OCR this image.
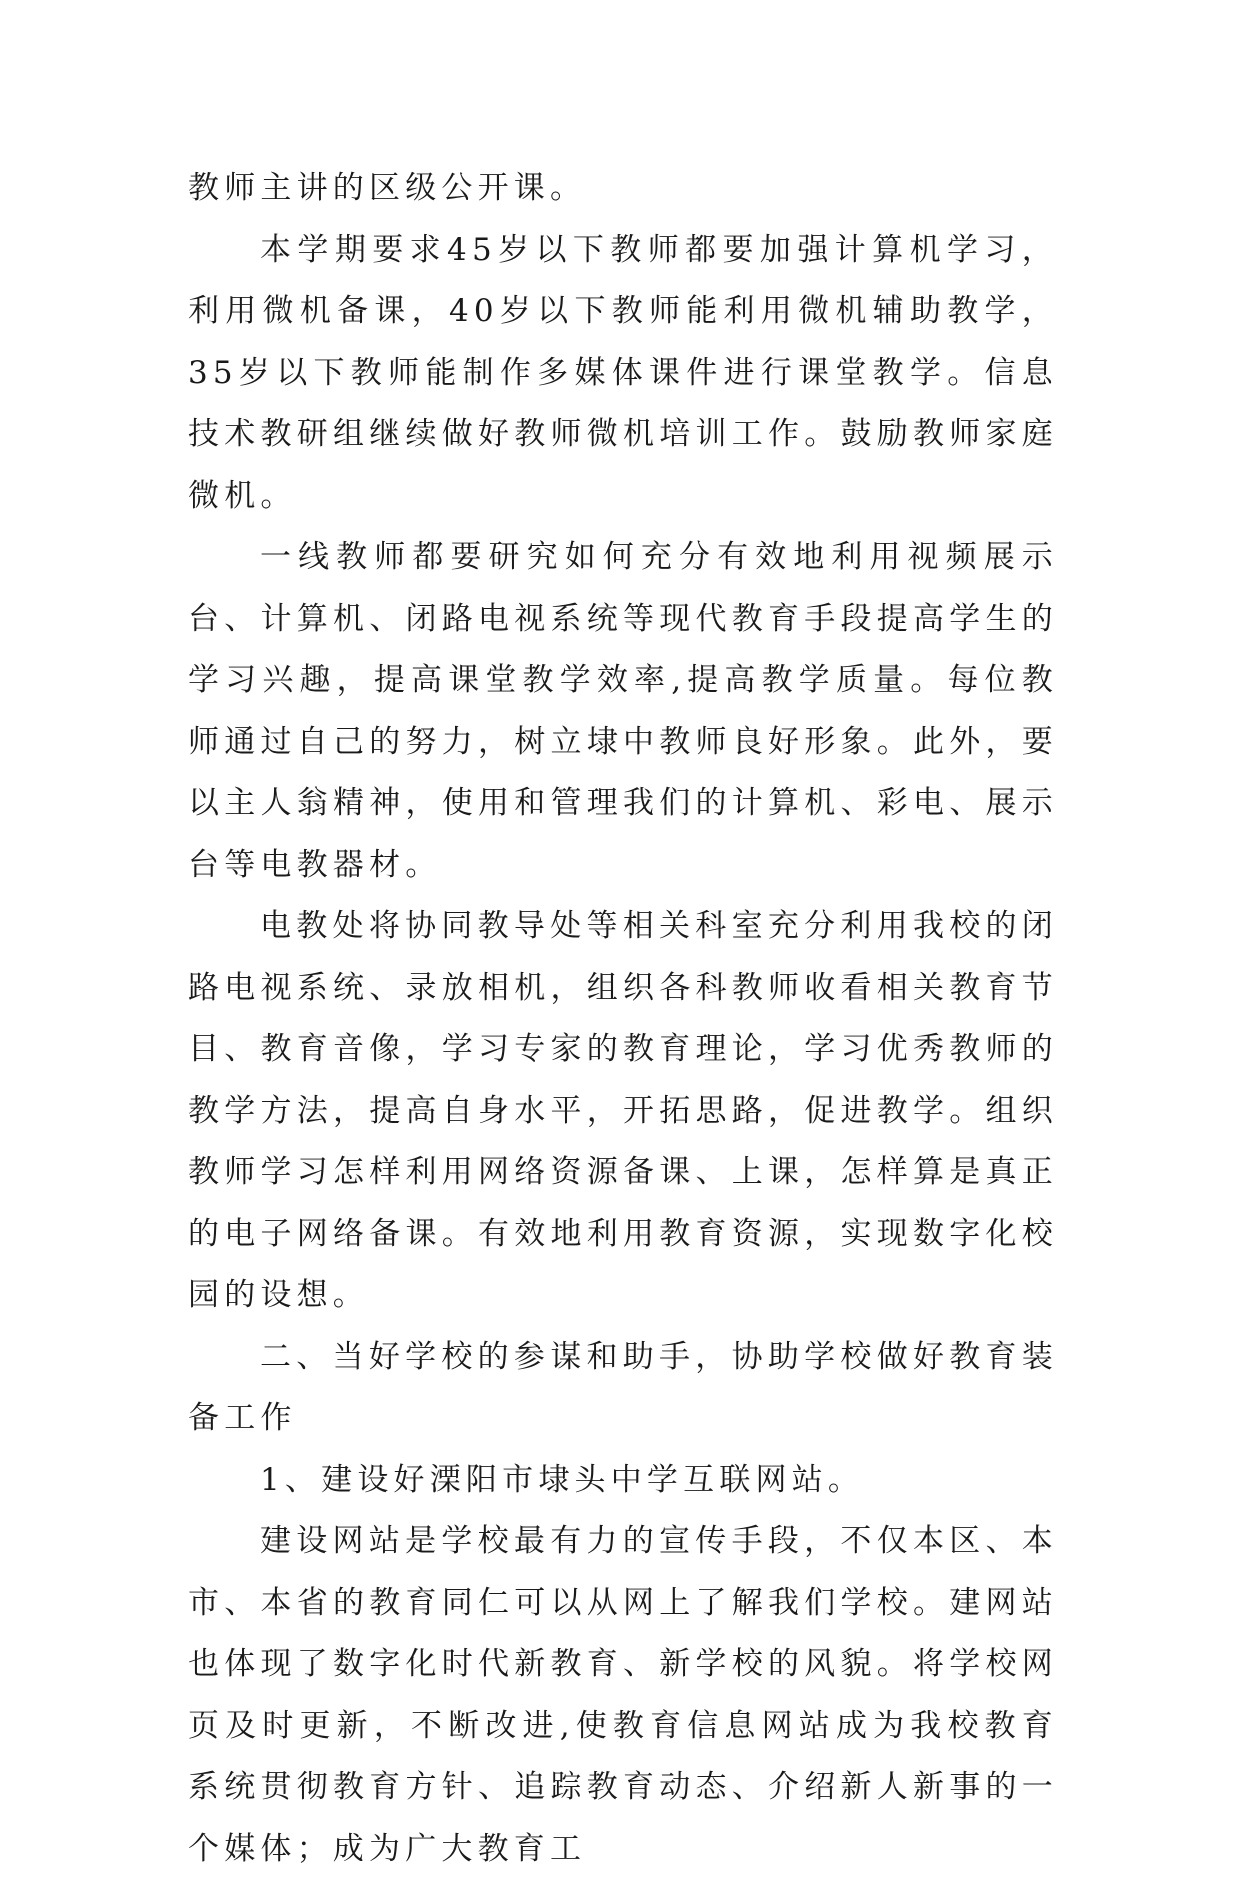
教师主讲的区级公开课。

本学期要求45岁以下教师都要加强计算机学习，利用微机备课，40岁以下教师能利用微机辅助教学，35岁以下教师能制作多媒体课件进行课堂教学。信息技术教研组继续做好教师微机培训工作。鼓励教师家庭微机。

一线教师都要研究如何充分有效地利用视频展示台、计算机、闭路电视系统等现代教育手段提高学生的学习兴趣，提高课堂教学效率,提高教学质量。每位教师通过自己的努力，树立埭中教师良好形象。此外，要以主人翁精神，使用和管理我们的计算机、彩电、展示台等电教器材。

电教处将协同教导处等相关科室充分利用我校的闭路电视系统、录放相机，组织各科教师收看相关教育节目、教育音像，学习专家的教育理论，学习优秀教师的教学方法，提高自身水平，开拓思路，促进教学。组织教师学习怎样利用网络资源备课、上课，怎样算是真正的电子网络备课。有效地利用教育资源，实现数字化校园的设想。

二、当好学校的参谋和助手，协助学校做好教育装备工作

1、建设好溧阳市埭头中学互联网站。

建设网站是学校最有力的宣传手段，不仅本区、本市、本省的教育同仁可以从网上了解我们学校。建网站也体现了数字化时代新教育、新学校的风貌。将学校网页及时更新，不断改进,使教育信息网站成为我校教育系统贯彻教育方针、追踪教育动态、介绍新人新事的一个媒体；成为广大教育工
